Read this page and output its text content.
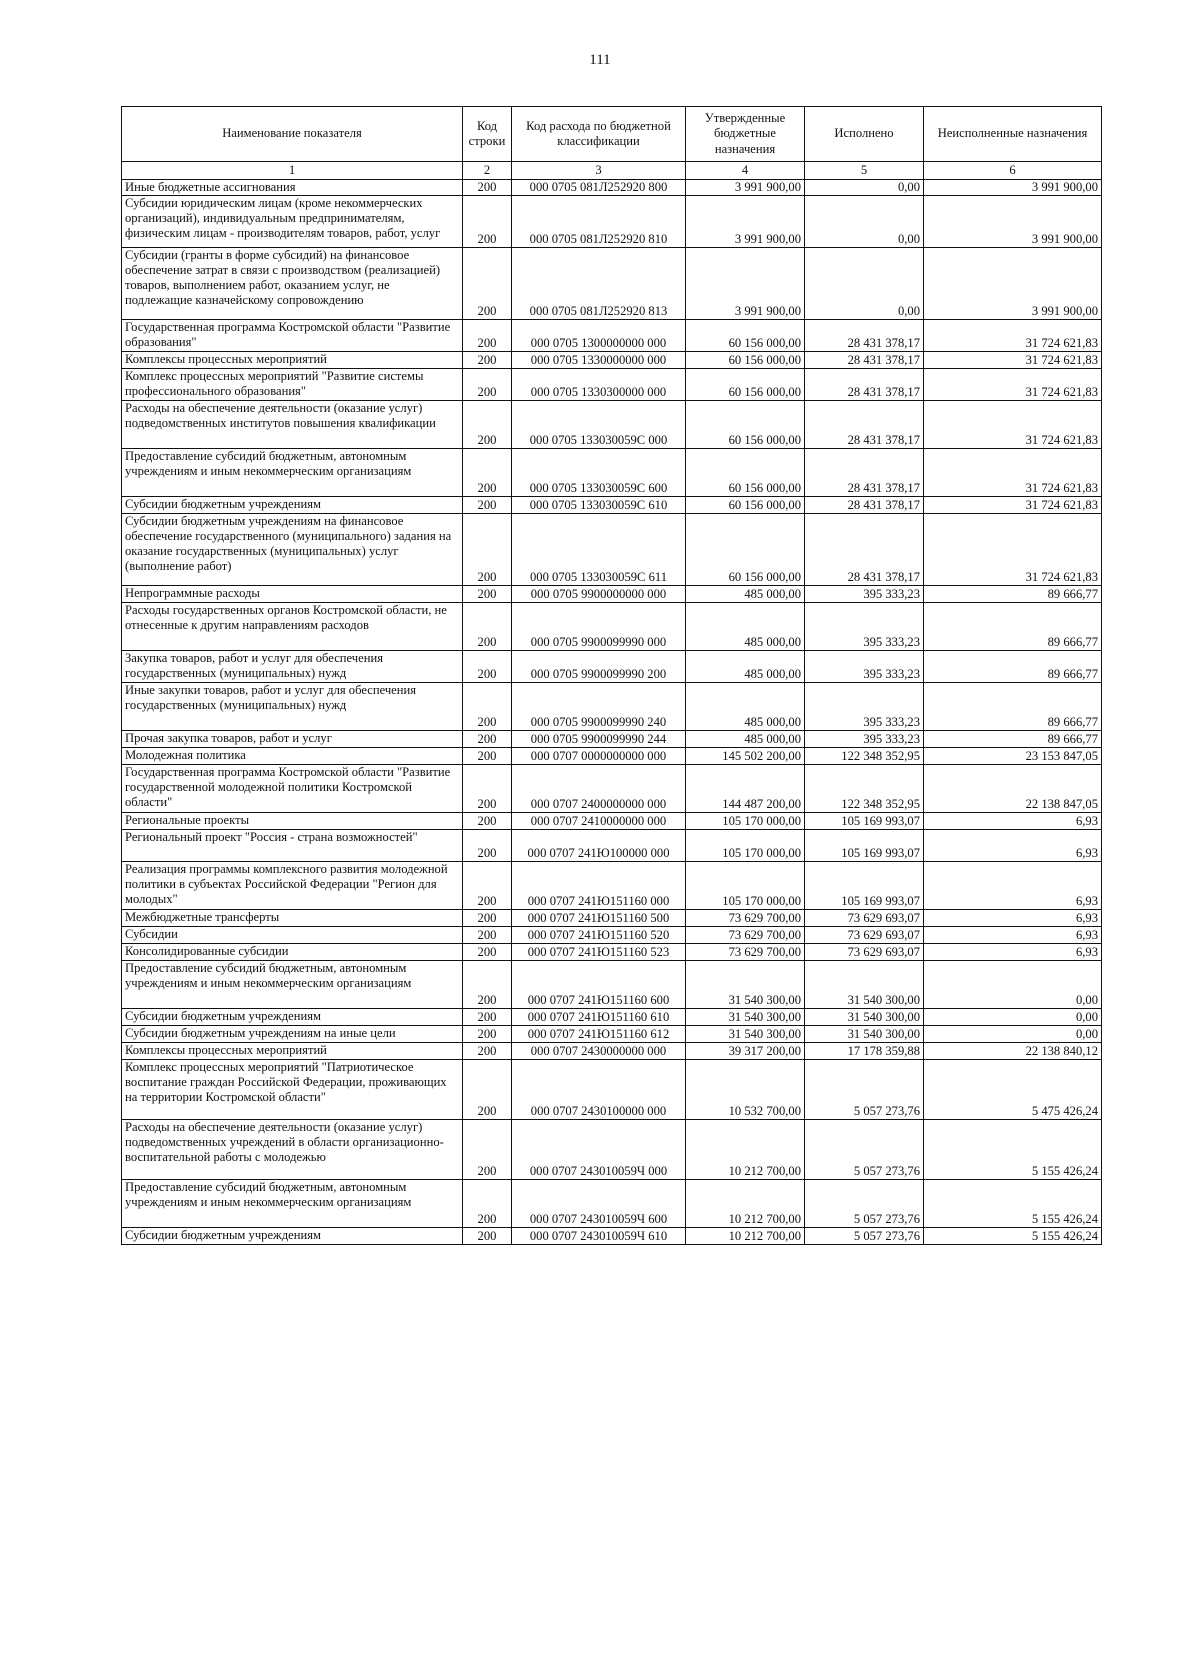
111
Наименование показателя	Код строки	Код расхода по бюджетной классификации	Утвержденные бюджетные назначения	Исполнено	Неисполненные назначения
1	2	3	4	5	6
Иные бюджетные ассигнования	200	000 0705 081Л252920 800	3 991 900,00	0,00	3 991 900,00
Субсидии юридическим лицам (кроме некоммерческих организаций), индивидуальным предпринимателям, физическим лицам - производителям товаров, работ, услуг	200	000 0705 081Л252920 810	3 991 900,00	0,00	3 991 900,00
Субсидии (гранты в форме субсидий) на финансовое обеспечение затрат в связи с производством (реализацией) товаров, выполнением работ, оказанием услуг, не подлежащие казначейскому сопровождению	200	000 0705 081Л252920 813	3 991 900,00	0,00	3 991 900,00
Государственная программа Костромской области "Развитие образования"	200	000 0705 1300000000 000	60 156 000,00	28 431 378,17	31 724 621,83
Комплексы процессных мероприятий	200	000 0705 1330000000 000	60 156 000,00	28 431 378,17	31 724 621,83
Комплекс процессных мероприятий "Развитие системы профессионального образования"	200	000 0705 1330300000 000	60 156 000,00	28 431 378,17	31 724 621,83
Расходы на обеспечение деятельности (оказание услуг) подведомственных институтов повышения квалификации	200	000 0705 133030059С 000	60 156 000,00	28 431 378,17	31 724 621,83
Предоставление субсидий бюджетным, автономным учреждениям и иным некоммерческим организациям	200	000 0705 133030059С 600	60 156 000,00	28 431 378,17	31 724 621,83
Субсидии бюджетным учреждениям	200	000 0705 133030059С 610	60 156 000,00	28 431 378,17	31 724 621,83
Субсидии бюджетным учреждениям на финансовое обеспечение государственного (муниципального) задания на оказание государственных (муниципальных) услуг (выполнение работ)	200	000 0705 133030059С 611	60 156 000,00	28 431 378,17	31 724 621,83
Непрограммные расходы	200	000 0705 9900000000 000	485 000,00	395 333,23	89 666,77
Расходы государственных органов Костромской области, не отнесенные к другим направлениям расходов	200	000 0705 9900099990 000	485 000,00	395 333,23	89 666,77
Закупка товаров, работ и услуг для обеспечения государственных (муниципальных) нужд	200	000 0705 9900099990 200	485 000,00	395 333,23	89 666,77
Иные закупки товаров, работ и услуг для обеспечения государственных (муниципальных) нужд	200	000 0705 9900099990 240	485 000,00	395 333,23	89 666,77
Прочая закупка товаров, работ и услуг	200	000 0705 9900099990 244	485 000,00	395 333,23	89 666,77
Молодежная политика	200	000 0707 0000000000 000	145 502 200,00	122 348 352,95	23 153 847,05
Государственная программа Костромской области "Развитие государственной молодежной политики Костромской области"	200	000 0707 2400000000 000	144 487 200,00	122 348 352,95	22 138 847,05
Региональные проекты	200	000 0707 2410000000 000	105 170 000,00	105 169 993,07	6,93
Региональный проект "Россия - страна возможностей"	200	000 0707 241Ю100000 000	105 170 000,00	105 169 993,07	6,93
Реализация программы комплексного развития молодежной политики в субъектах Российской Федерации "Регион для молодых"	200	000 0707 241Ю151160 000	105 170 000,00	105 169 993,07	6,93
Межбюджетные трансферты	200	000 0707 241Ю151160 500	73 629 700,00	73 629 693,07	6,93
Субсидии	200	000 0707 241Ю151160 520	73 629 700,00	73 629 693,07	6,93
Консолидированные субсидии	200	000 0707 241Ю151160 523	73 629 700,00	73 629 693,07	6,93
Предоставление субсидий бюджетным, автономным учреждениям и иным некоммерческим организациям	200	000 0707 241Ю151160 600	31 540 300,00	31 540 300,00	0,00
Субсидии бюджетным учреждениям	200	000 0707 241Ю151160 610	31 540 300,00	31 540 300,00	0,00
Субсидии бюджетным учреждениям на иные цели	200	000 0707 241Ю151160 612	31 540 300,00	31 540 300,00	0,00
Комплексы процессных мероприятий	200	000 0707 2430000000 000	39 317 200,00	17 178 359,88	22 138 840,12
Комплекс процессных мероприятий "Патриотическое воспитание граждан Российской Федерации, проживающих на территории Костромской области"	200	000 0707 2430100000 000	10 532 700,00	5 057 273,76	5 475 426,24
Расходы на обеспечение деятельности (оказание услуг) подведомственных учреждений в области организационно-воспитательной работы с молодежью	200	000 0707 243010059Ч 000	10 212 700,00	5 057 273,76	5 155 426,24
Предоставление субсидий бюджетным, автономным учреждениям и иным некоммерческим организациям	200	000 0707 243010059Ч 600	10 212 700,00	5 057 273,76	5 155 426,24
Субсидии бюджетным учреждениям	200	000 0707 243010059Ч 610	10 212 700,00	5 057 273,76	5 155 426,24
